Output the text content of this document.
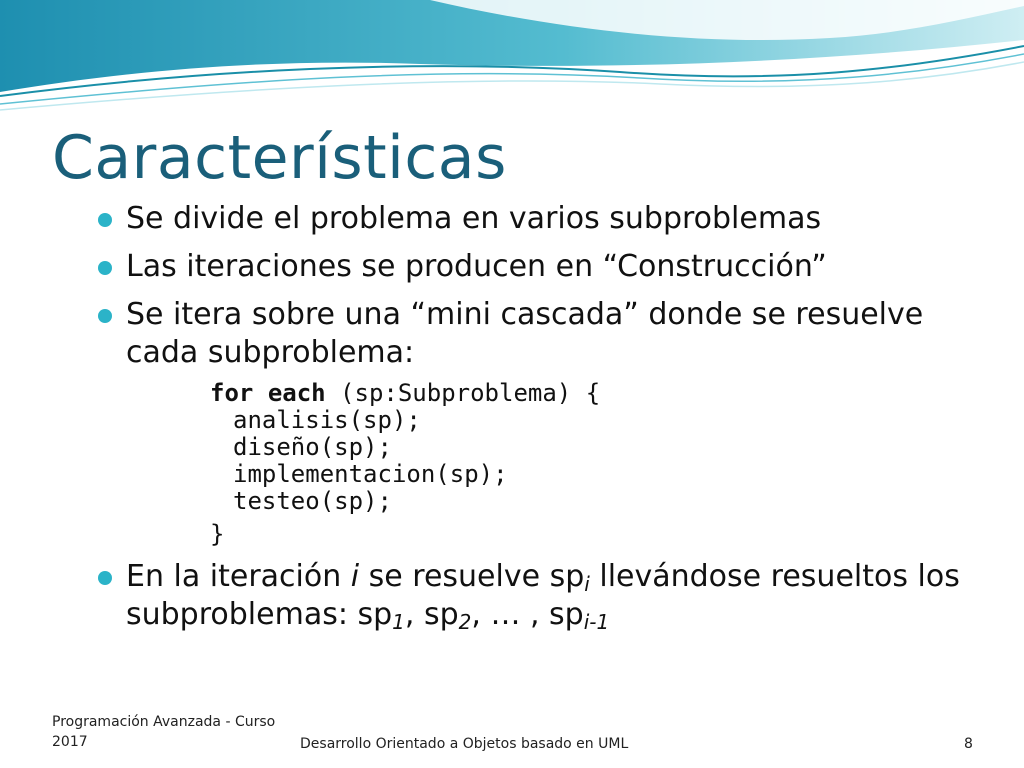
Características
Se divide el problema en varios subproblemas
Las iteraciones se producen en “Construcción”
Se itera sobre una “mini cascada” donde se resuelve cada subproblema:
for each (sp:Subproblema) {
analisis(sp);
diseño(sp);
implementacion(sp);
testeo(sp);
}
En la iteración i se resuelve $sp_i$ llevándose resueltos los subproblemas: $sp_1$, $sp_2$, … , $sp_{i-1}$
Programación Avanzada - Curso 2017	Desarrollo Orientado a Objetos basado en UML	8
